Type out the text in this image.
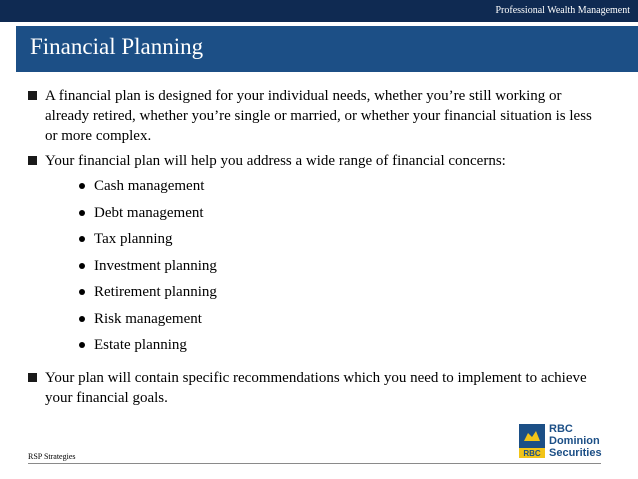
Professional Wealth Management
Financial Planning
A financial plan is designed for your individual needs, whether you’re still working or already retired, whether you’re single or married, or whether your financial situation is less or more complex.
Your financial plan will help you address a wide range of financial concerns:
Cash management
Debt management
Tax planning
Investment planning
Retirement planning
Risk management
Estate planning
Your plan will contain specific recommendations which you need to implement to achieve your financial goals.
RSP Strategies	RBC
RBC
Dominion
Securities
